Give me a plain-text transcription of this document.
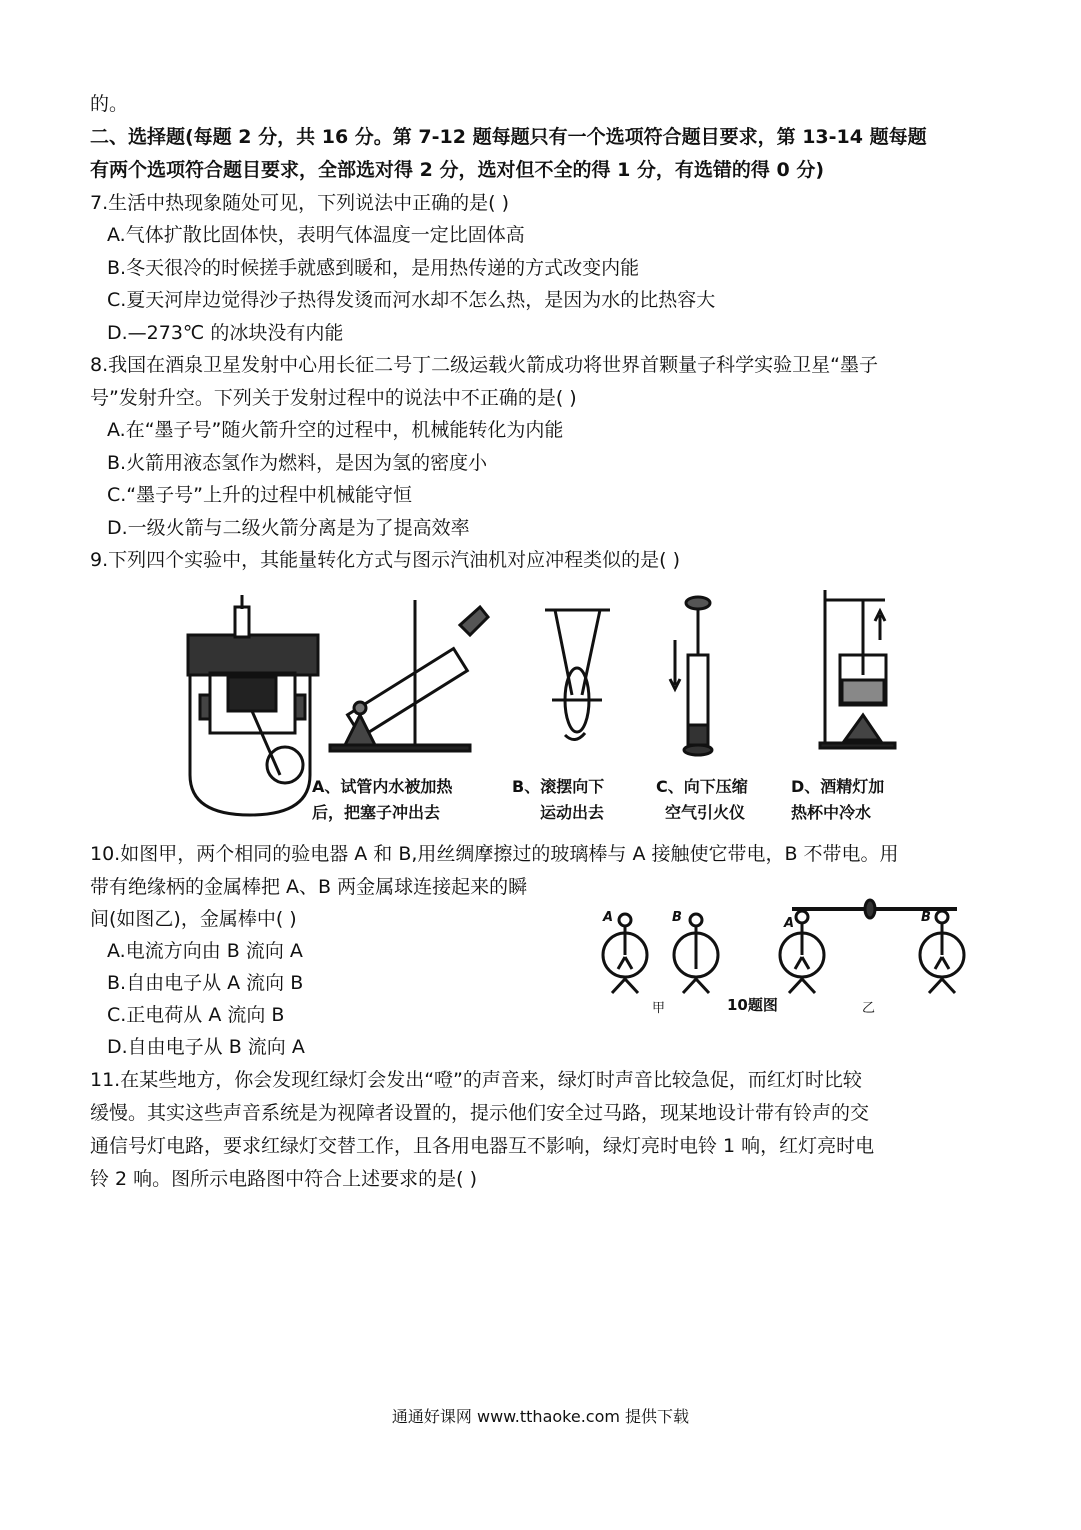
的。
二、选择题(每题 2 分，共 16 分。第 7-12 题每题只有一个选项符合题目要求，第 13-14 题每题
有两个选项符合题目要求，全部选对得 2 分，选对但不全的得 1 分，有选错的得 0 分)
7.生活中热现象随处可见，下列说法中正确的是( )
A.气体扩散比固体快，表明气体温度一定比固体高
B.冬天很冷的时候搓手就感到暖和，是用热传递的方式改变内能
C.夏天河岸边觉得沙子热得发烫而河水却不怎么热，是因为水的比热容大
D.—273℃ 的冰块没有内能
8.我国在酒泉卫星发射中心用长征二号丁二级运载火箭成功将世界首颗量子科学实验卫星“墨子
号”发射升空。下列关于发射过程中的说法中不正确的是( )
A.在“墨子号”随火箭升空的过程中，机械能转化为内能
B.火箭用液态氢作为燃料，是因为氢的密度小
C.“墨子号”上升的过程中机械能守恒
D.一级火箭与二级火箭分离是为了提高效率
9.下列四个实验中，其能量转化方式与图示汽油机对应冲程类似的是( )
A、试管内水被加热
后，把塞子冲出去
B、滚摆向下
运动出去
C、向下压缩
空气引火仪
D、酒精灯加
热杯中冷水
10.如图甲，两个相同的验电器 A 和 B,用丝绸摩擦过的玻璃棒与 A 接触使它带电，B 不带电。用
带有绝缘柄的金属棒把 A、B 两金属球连接起来的瞬
间(如图乙)，金属棒中( )
A.电流方向由 B 流向 A
B.自由电子从 A 流向 B
C.正电荷从 A 流向 B
D.自由电子从 B 流向 A
A	B	A	B
甲	10题图	乙
11.在某些地方，你会发现红绿灯会发出“噔”的声音来，绿灯时声音比较急促，而红灯时比较
缓慢。其实这些声音系统是为视障者设置的，提示他们安全过马路，现某地设计带有铃声的交
通信号灯电路，要求红绿灯交替工作，且各用电器互不影响，绿灯亮时电铃 1 响，红灯亮时电
铃 2 响。图所示电路图中符合上述要求的是( )
通通好课网 www.tthaoke.com 提供下载
